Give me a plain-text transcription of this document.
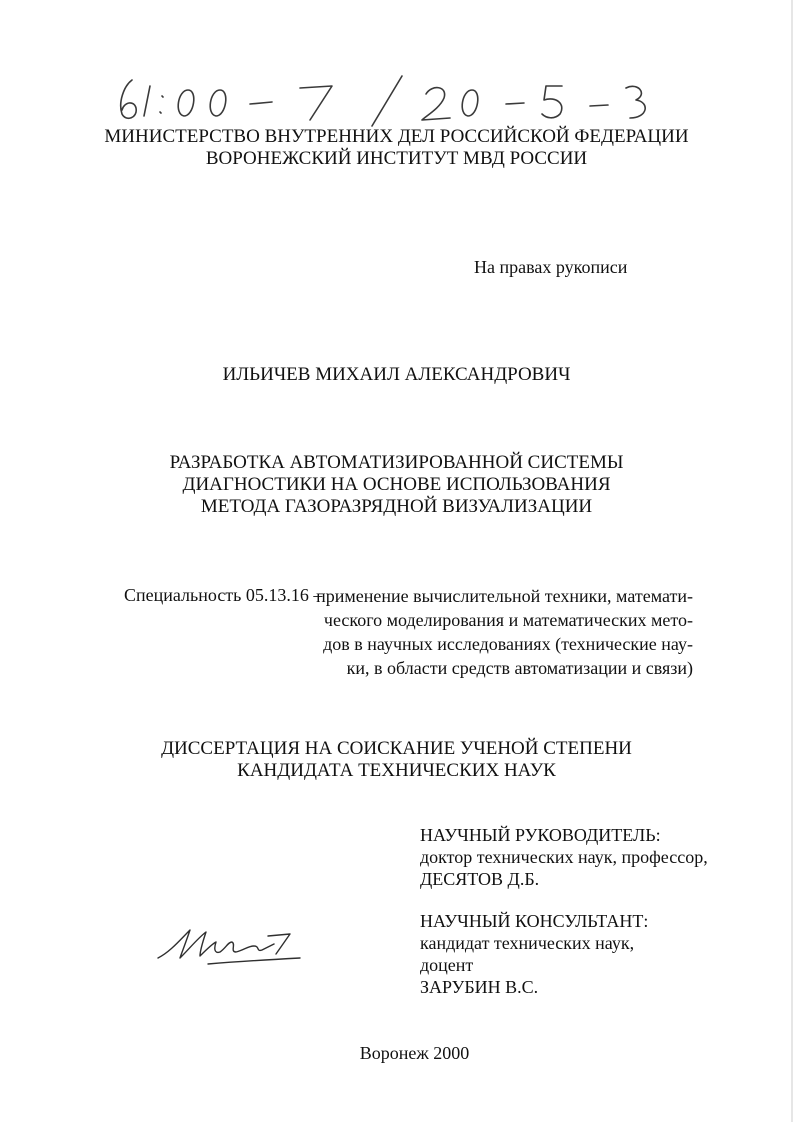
МИНИСТЕРСТВО ВНУТРЕННИХ ДЕЛ РОССИЙСКОЙ ФЕДЕРАЦИИ
ВОРОНЕЖСКИЙ ИНСТИТУТ МВД РОССИИ
На правах рукописи
ИЛЬИЧЕВ МИХАИЛ АЛЕКСАНДРОВИЧ
РАЗРАБОТКА АВТОМАТИЗИРОВАННОЙ СИСТЕМЫ
ДИАГНОСТИКИ НА ОСНОВЕ ИСПОЛЬЗОВАНИЯ
МЕТОДА ГАЗОРАЗРЯДНОЙ ВИЗУАЛИЗАЦИИ
Специальность 05.13.16 –
применение вычислительной техники, математи-
ческого моделирования и математических мето-
дов в научных исследованиях (технические нау-
ки, в области средств автоматизации и связи)
ДИССЕРТАЦИЯ НА СОИСКАНИЕ УЧЕНОЙ СТЕПЕНИ
КАНДИДАТА ТЕХНИЧЕСКИХ НАУК
НАУЧНЫЙ РУКОВОДИТЕЛЬ:
доктор технических наук, профессор,
ДЕСЯТОВ Д.Б.
НАУЧНЫЙ КОНСУЛЬТАНТ:
кандидат технических наук,
доцент
ЗАРУБИН В.С.
Воронеж 2000
